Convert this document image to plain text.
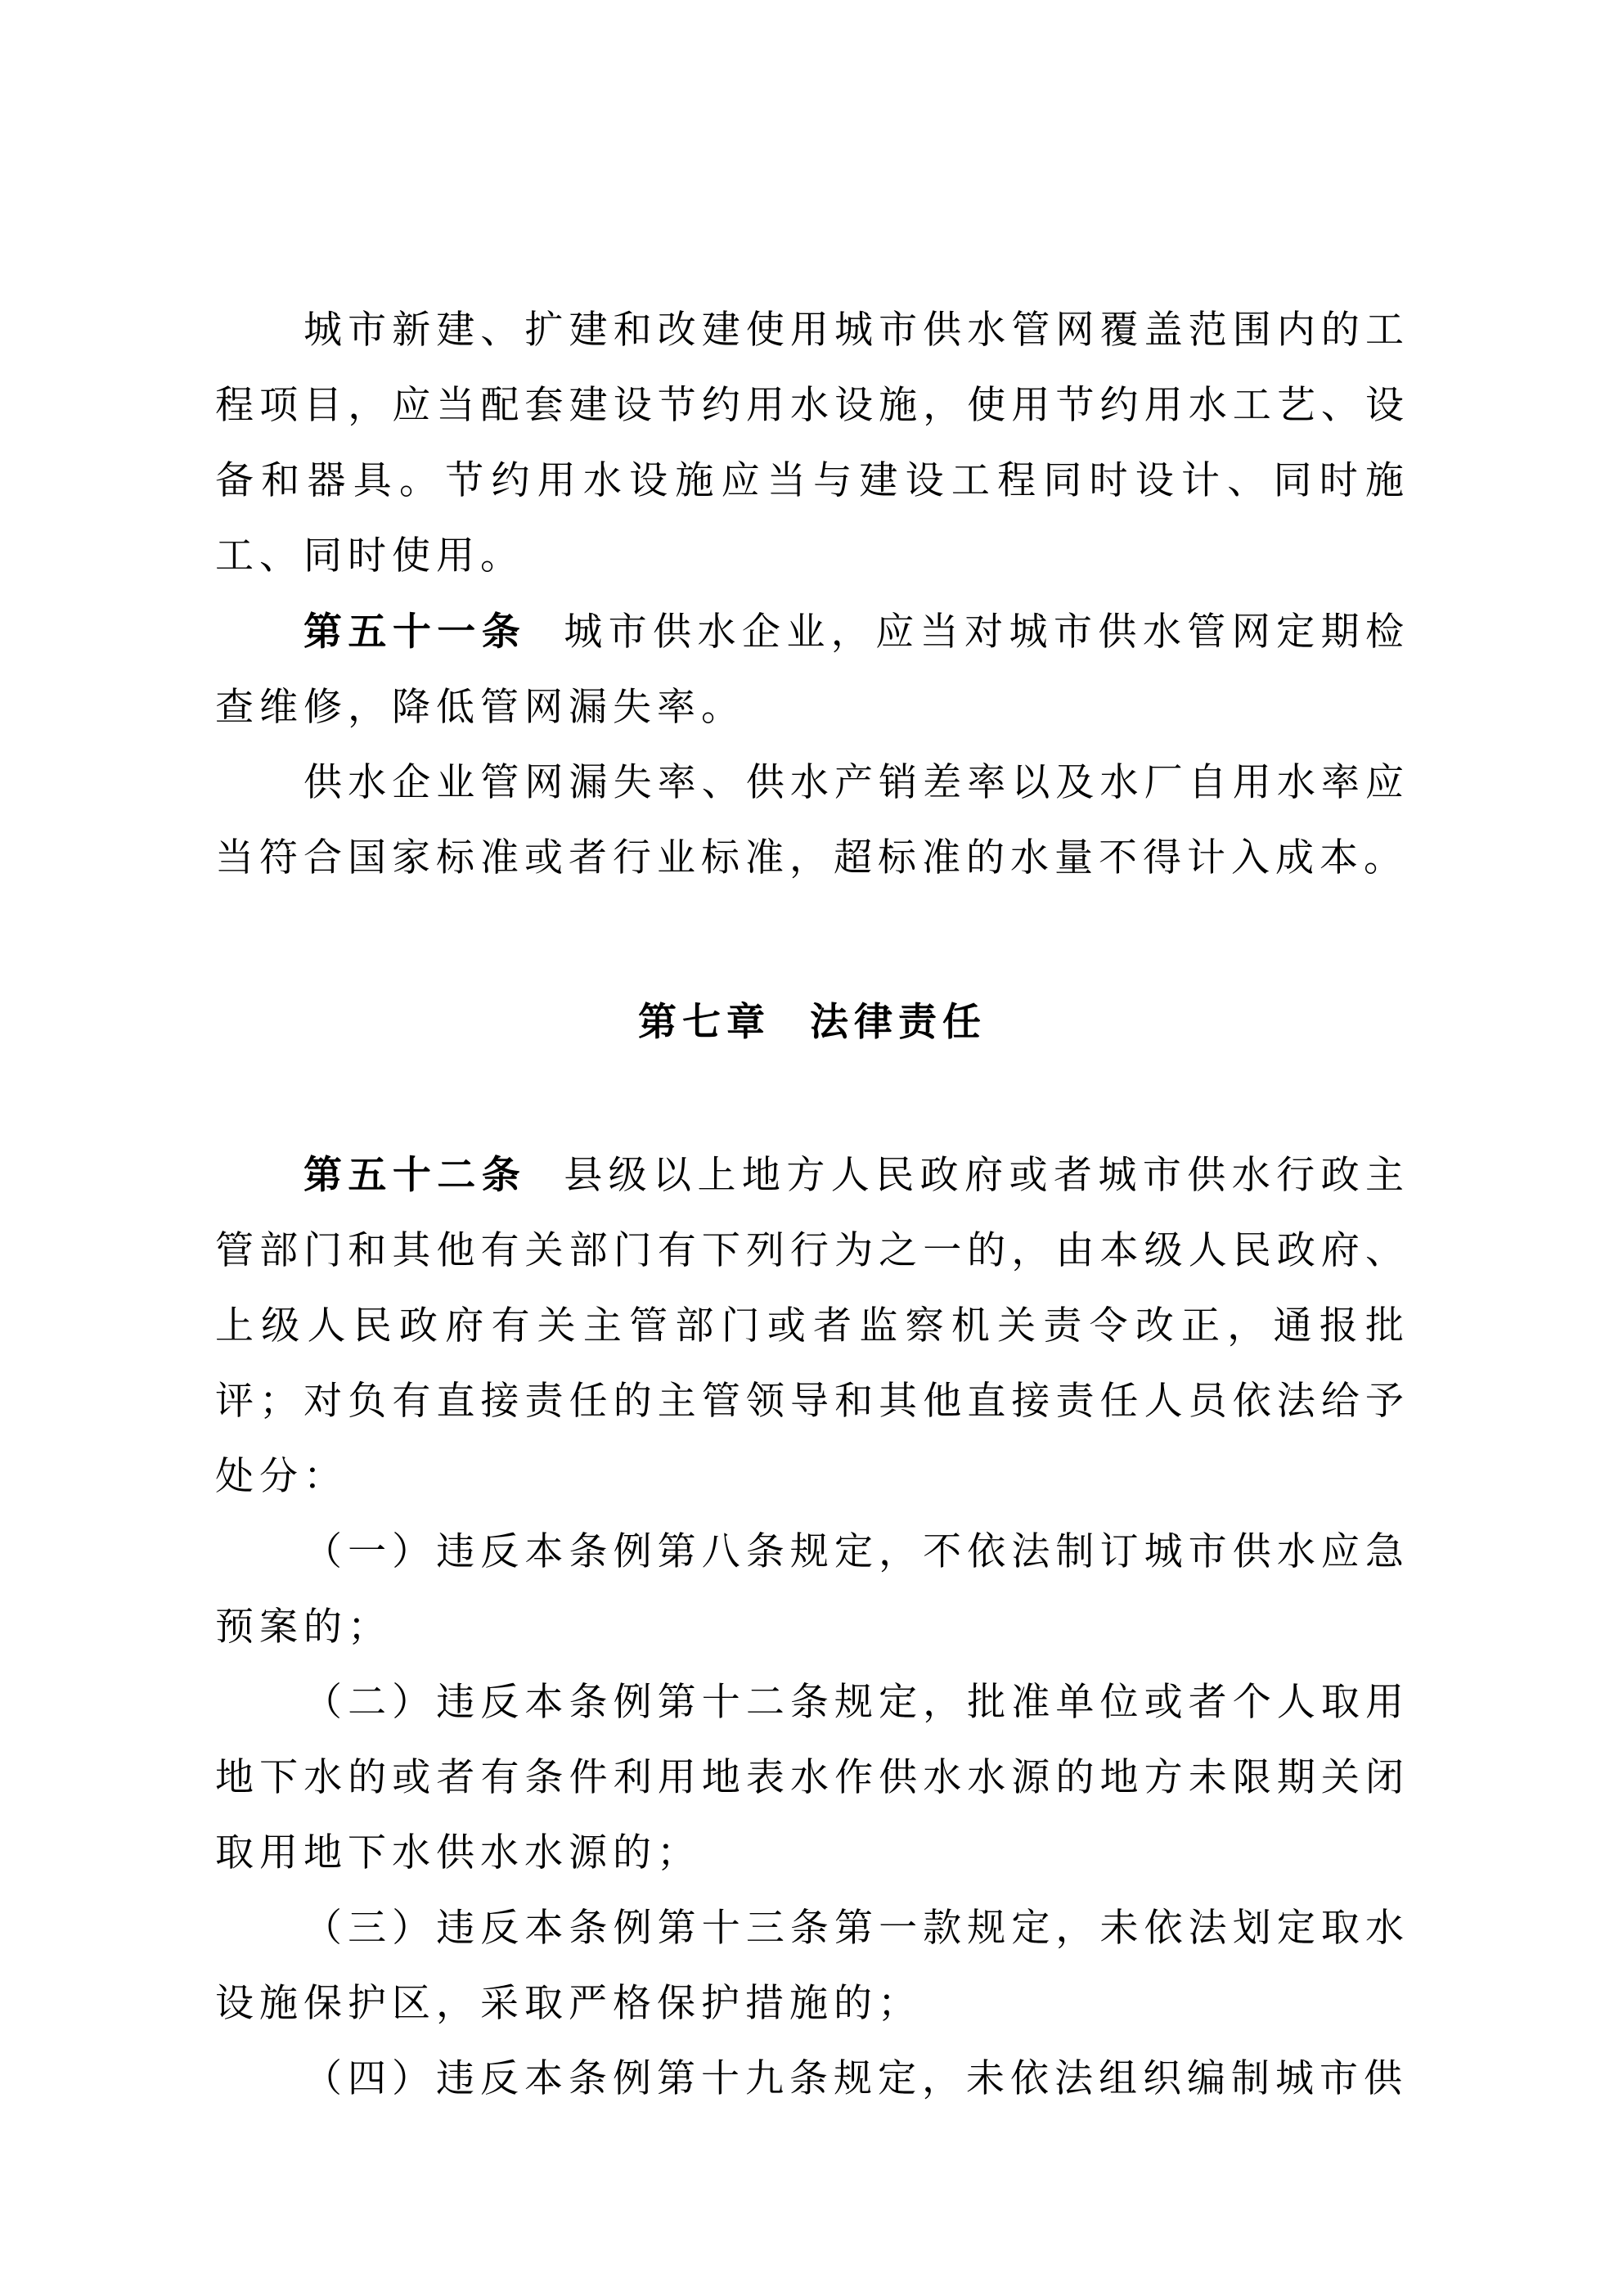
城市新建、扩建和改建使用城市供水管网覆盖范围内的工程项目，应当配套建设节约用水设施，使用节约用水工艺、设备和器具。节约用水设施应当与建设工程同时设计、同时施工、同时使用。

第五十一条 城市供水企业，应当对城市供水管网定期检查维修，降低管网漏失率。

供水企业管网漏失率、供水产销差率以及水厂自用水率应当符合国家标准或者行业标准，超标准的水量不得计入成本。

第七章 法律责任

第五十二条 县级以上地方人民政府或者城市供水行政主管部门和其他有关部门有下列行为之一的，由本级人民政府、上级人民政府有关主管部门或者监察机关责令改正，通报批评；对负有直接责任的主管领导和其他直接责任人员依法给予处分：

（一）违反本条例第八条规定，不依法制订城市供水应急预案的；

（二）违反本条例第十二条规定，批准单位或者个人取用地下水的或者有条件利用地表水作供水水源的地方未限期关闭取用地下水供水水源的；

（三）违反本条例第十三条第一款规定，未依法划定取水设施保护区，采取严格保护措施的；

（四）违反本条例第十九条规定，未依法组织编制城市供
